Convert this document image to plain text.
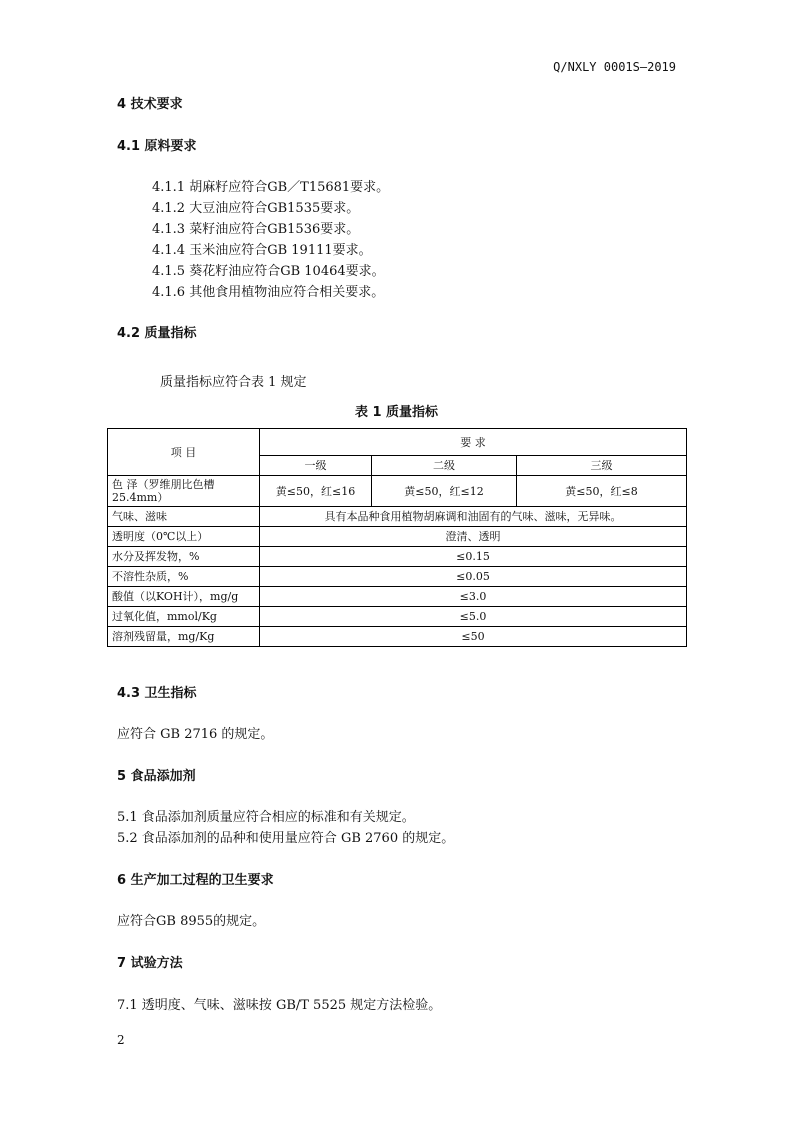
Q/NXLY 0001S—2019
4 技术要求
4.1 原料要求
4.1.1 胡麻籽应符合GB／T15681要求。
4.1.2 大豆油应符合GB1535要求。
4.1.3 菜籽油应符合GB1536要求。
4.1.4 玉米油应符合GB 19111要求。
4.1.5 葵花籽油应符合GB 10464要求。
4.1.6 其他食用植物油应符合相关要求。
4.2 质量指标
质量指标应符合表 1 规定
表 1 质量指标
项 目	要 求		
	一级	二级	三级
色 泽（罗维朋比色槽25.4mm）	黄≤50，红≤16	黄≤50，红≤12	黄≤50，红≤8
气味、滋味	具有本品种食用植物胡麻调和油固有的气味、滋味，无异味。		
透明度（0℃以上）	澄清、透明		
水分及挥发物，%	≤0.15		
不溶性杂质，%	≤0.05		
酸值（以KOH计），mg/g	≤3.0		
过氧化值，mmol/Kg	≤5.0		
溶剂残留量，mg/Kg	≤50		
4.3 卫生指标
应符合 GB 2716 的规定。
5 食品添加剂
5.1 食品添加剂质量应符合相应的标准和有关规定。
5.2 食品添加剂的品种和使用量应符合 GB 2760 的规定。
6 生产加工过程的卫生要求
应符合GB 8955的规定。
7 试验方法
7.1 透明度、气味、滋味按 GB/T 5525 规定方法检验。
2
